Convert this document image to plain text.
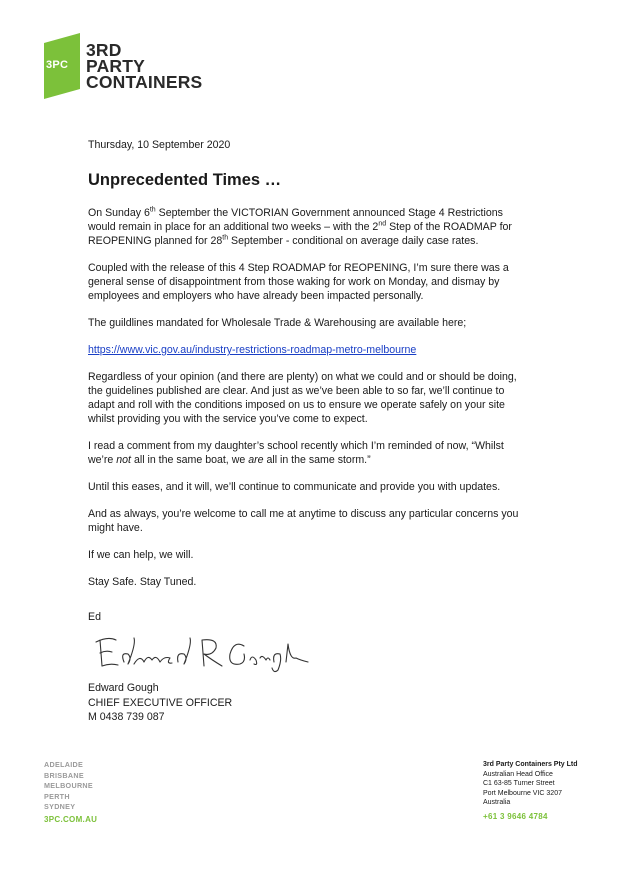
3PC
3RD
PARTY
CONTAINERS

Thursday, 10 September 2020

Unprecedented Times …

On Sunday 6th September the VICTORIAN Government announced Stage 4 Restrictions would remain in place for an additional two weeks – with the 2nd Step of the ROADMAP for REOPENING planned for 28th September - conditional on average daily case rates.

Coupled with the release of this 4 Step ROADMAP for REOPENING, I’m sure there was a general sense of disappointment from those waking for work on Monday, and dismay by employees and employers who have already been impacted personally.

The guildlines mandated for Wholesale Trade & Warehousing are available here;

https://www.vic.gov.au/industry-restrictions-roadmap-metro-melbourne

Regardless of your opinion (and there are plenty) on what we could and or should be doing, the guidelines published are clear. And just as we’ve been able to so far, we’ll continue to adapt and roll with the conditions imposed on us to ensure we operate safely on your site whilst providing you with the service you’ve come to expect.

I read a comment from my daughter’s school recently which I’m reminded of now, “Whilst we’re not all in the same boat, we are all in the same storm.”

Until this eases, and it will, we’ll continue to communicate and provide you with updates.

And as always, you’re welcome to call me at anytime to discuss any particular concerns you might have.

If we can help, we will.

Stay Safe. Stay Tuned.

Ed
Edward Gough
CHIEF EXECUTIVE OFFICER
M 0438 739 087
ADELAIDE
BRISBANE
MELBOURNE
PERTH
SYDNEY
3PC.COM.AU
3rd Party Containers Pty Ltd
Australian Head Office
C1 63-85 Turner Street
Port Melbourne VIC 3207
Australia
+61 3 9646 4784
